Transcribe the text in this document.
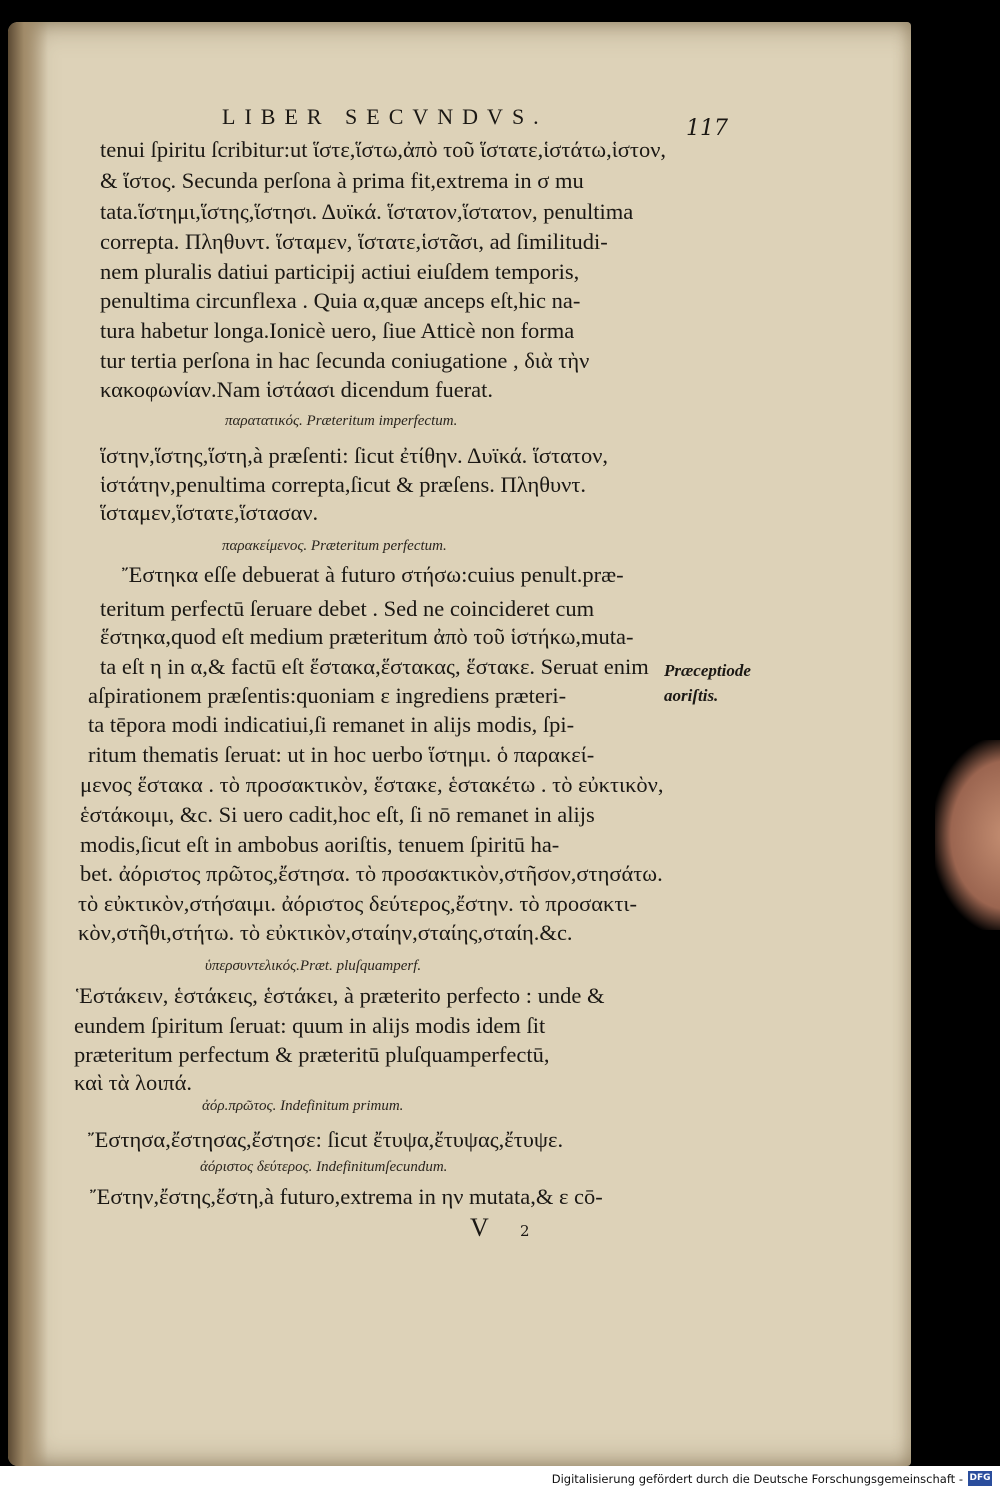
LIBER SECVNDVS.	117
tenui ſpiritu ſcribitur:ut ἵστε,ἵστω,ἀπὸ τοῦ ἵστατε,ἱστάτω,ἱστον,
& ἵστος. Secunda perſona à prima fit,extrema in σ mu
tata.ἵστημι,ἵστης,ἵστησι. Δυϊκά. ἵστατον,ἵστατον, penultima
correpta. Πληθυντ. ἵσταμεν, ἵστατε,ἱστᾶσι, ad ſimilitudi-
nem pluralis datiui participij actiui eiuſdem temporis,
penultima circunflexa . Quia α,quæ anceps eſt,hic na-
tura habetur longa.Ionicè uero, ſiue Atticè non forma
tur tertia perſona in hac ſecunda coniugatione , διὰ τὴν
κακοφωνίαν.Nam ἱστάασι dicendum fuerat.
παρατατικός. Præteritum imperfectum.
ἵστην,ἵστης,ἵστη,à præſenti: ſicut ἐτίθην. Δυϊκά. ἵστατον,
ἱστάτην,penultima correpta,ſicut & præſens. Πληθυντ.
ἵσταμεν,ἵστατε,ἵστασαν.
παρακείμενος. Præteritum perfectum.
Ἔστηκα eſſe debuerat à futuro στήσω:cuius penult.præ-
teritum perfectū ſeruare debet . Sed ne coincideret cum
ἕστηκα,quod eſt medium præteritum ἀπὸ τοῦ ἱστήκω,muta-
ta eſt η in α,& factū eſt ἕστακα,ἕστακας, ἕστακε. Seruat enim
aſpirationem præſentis:quoniam ε ingrediens præteri-
ta tēpora modi indicatiui,ſi remanet in alijs modis, ſpi-
ritum thematis ſeruat: ut in hoc uerbo ἵστημι. ὁ παρακεί-
μενος ἕστακα . τὸ προσακτικὸν, ἕστακε, ἑστακέτω . τὸ εὐκτικὸν,
ἑστάκοιμι, &c. Si uero cadit,hoc eſt, ſi nō remanet in alijs
modis,ſicut eſt in ambobus aoriſtis, tenuem ſpiritū ha-
bet. ἀόριστος πρῶτος,ἔστησα. τὸ προσακτικὸν,στῆσον,στησάτω.
τὸ εὐκτικὸν,στήσαιμι. ἀόριστος δεύτερος,ἔστην. τὸ προσακτι-
κὸν,στῆθι,στήτω. τὸ εὐκτικὸν,σταίην,σταίης,σταίη.&c.
Præceptiode
aoriſtis.
ὑπερσυντελικός.Præt. pluſquamperf.
Ἑστάκειν, ἑστάκεις, ἑστάκει, à præterito perfecto : unde &
eundem ſpiritum ſeruat: quum in alijs modis idem ſit
præteritum perfectum & præteritū pluſquamperfectū,
καὶ τὰ λοιπά.
ἀόρ.πρῶτος. Indefinitum primum.
Ἔστησα,ἔστησας,ἔστησε: ſicut ἔτυψα,ἔτυψας,ἔτυψε.
ἀόριστος δεύτερος. Indefinitumſecundum.
Ἔστην,ἔστης,ἔστη,à futuro,extrema in ην mutata,& ε cō-
V 2
Digitalisierung gefördert durch die Deutsche Forschungsgemeinschaft - DFG
